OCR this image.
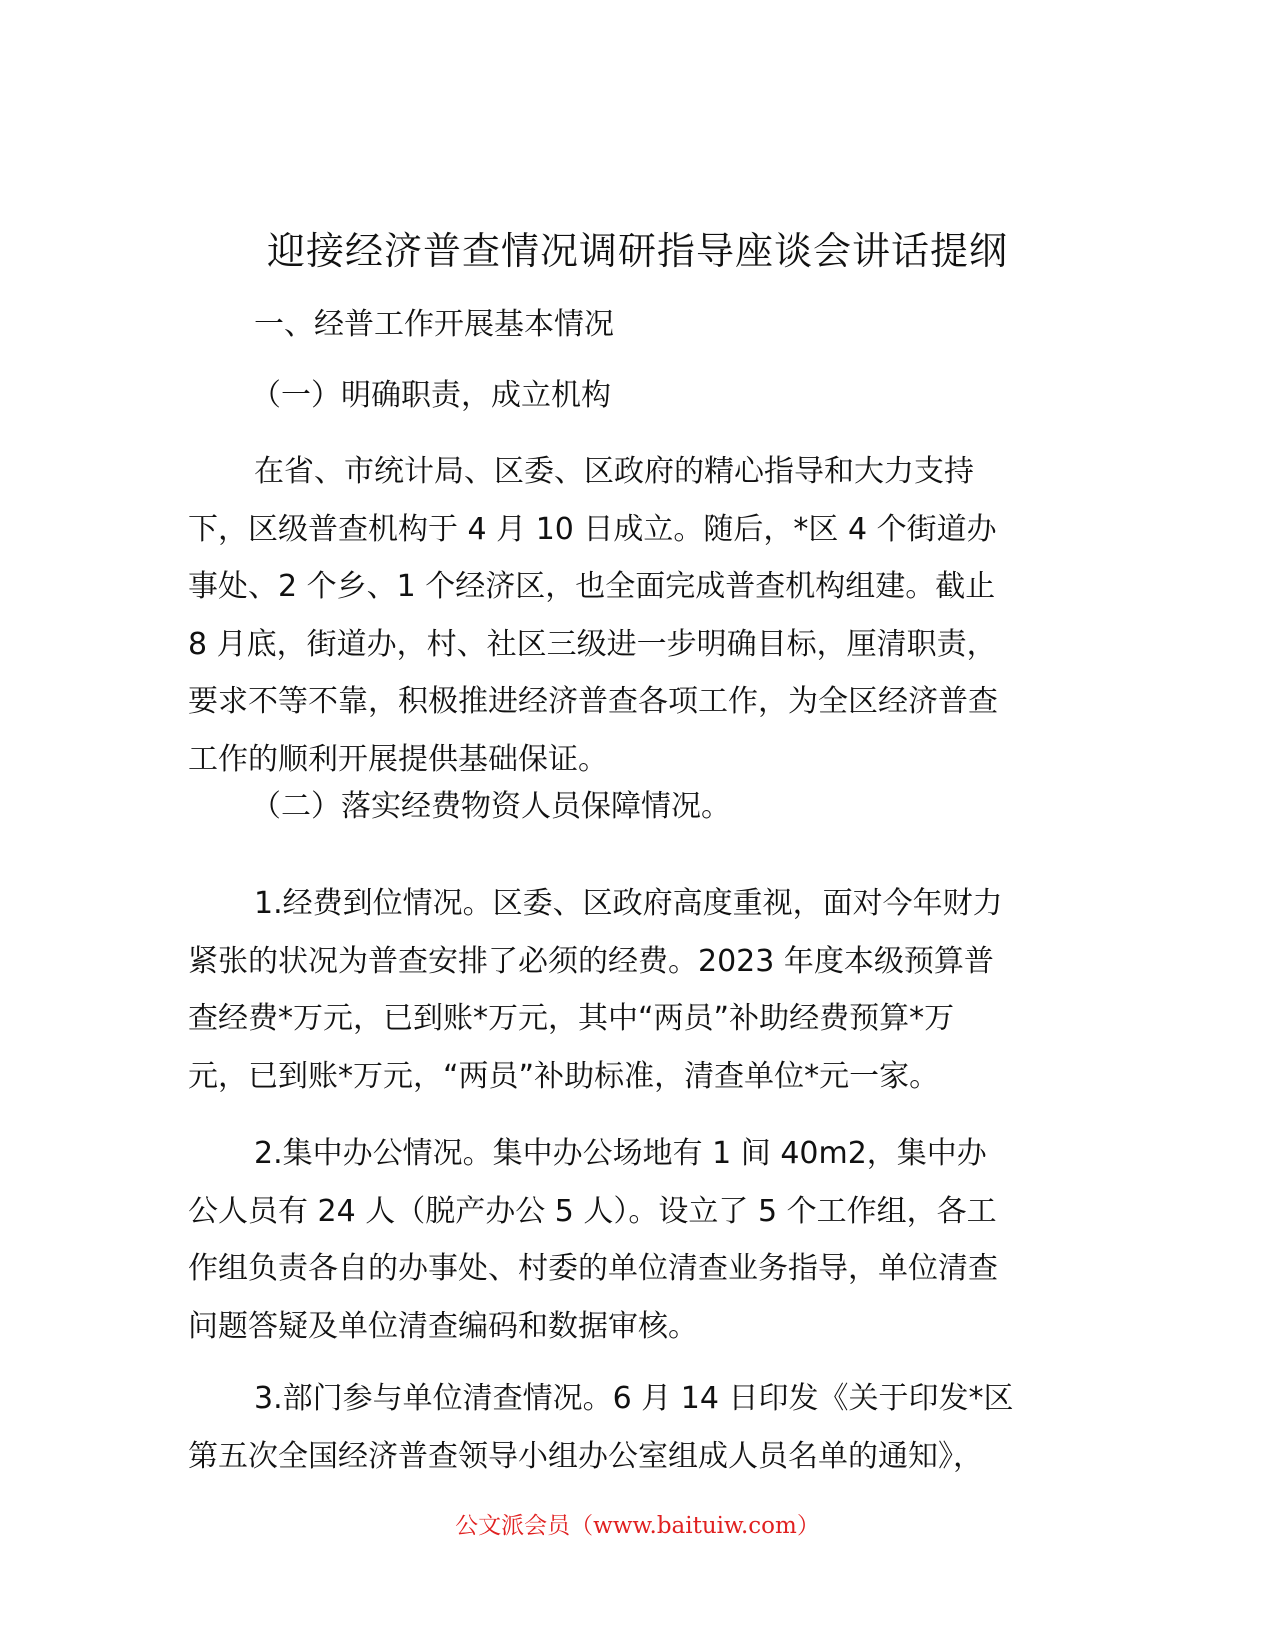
迎接经济普查情况调研指导座谈会讲话提纲
一、经普工作开展基本情况
（一）明确职责，成立机构
在省、市统计局、区委、区政府的精心指导和大力支持
下，区级普查机构于 4 月 10 日成立。随后，*区 4 个街道办
事处、2 个乡、1 个经济区，也全面完成普查机构组建。截止
8 月底，街道办，村、社区三级进一步明确目标，厘清职责，
要求不等不靠，积极推进经济普查各项工作，为全区经济普查
工作的顺利开展提供基础保证。
（二）落实经费物资人员保障情况。
1.经费到位情况。区委、区政府高度重视，面对今年财力
紧张的状况为普查安排了必须的经费。2023 年度本级预算普
查经费*万元，已到账*万元，其中“两员”补助经费预算*万
元，已到账*万元，“两员”补助标准，清查单位*元一家。
2.集中办公情况。集中办公场地有 1 间 40m2，集中办
公人员有 24 人（脱产办公 5 人）。设立了 5 个工作组，各工
作组负责各自的办事处、村委的单位清查业务指导，单位清查
问题答疑及单位清查编码和数据审核。
3.部门参与单位清查情况。6 月 14 日印发《关于印发*区
第五次全国经济普查领导小组办公室组成人员名单的通知》，
公文派会员（www.baituiw.com）
